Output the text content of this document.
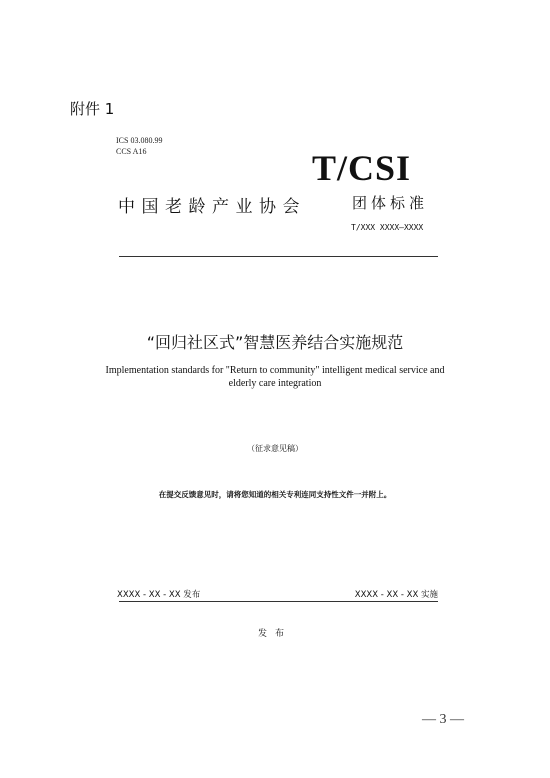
附件 1
ICS 03.080.99
CCS A16	T/CSI
中国老龄产业协会	团体标准
T/XXX XXXX—XXXX
“回归社区式”智慧医养结合实施规范
Implementation standards for "Return to community" intelligent medical service and elderly care integration
（征求意见稿）
在提交反馈意见时，请将您知道的相关专利连同支持性文件一并附上。
XXXX - XX - XX 发布	XXXX - XX - XX 实施
发布
— 3 —
